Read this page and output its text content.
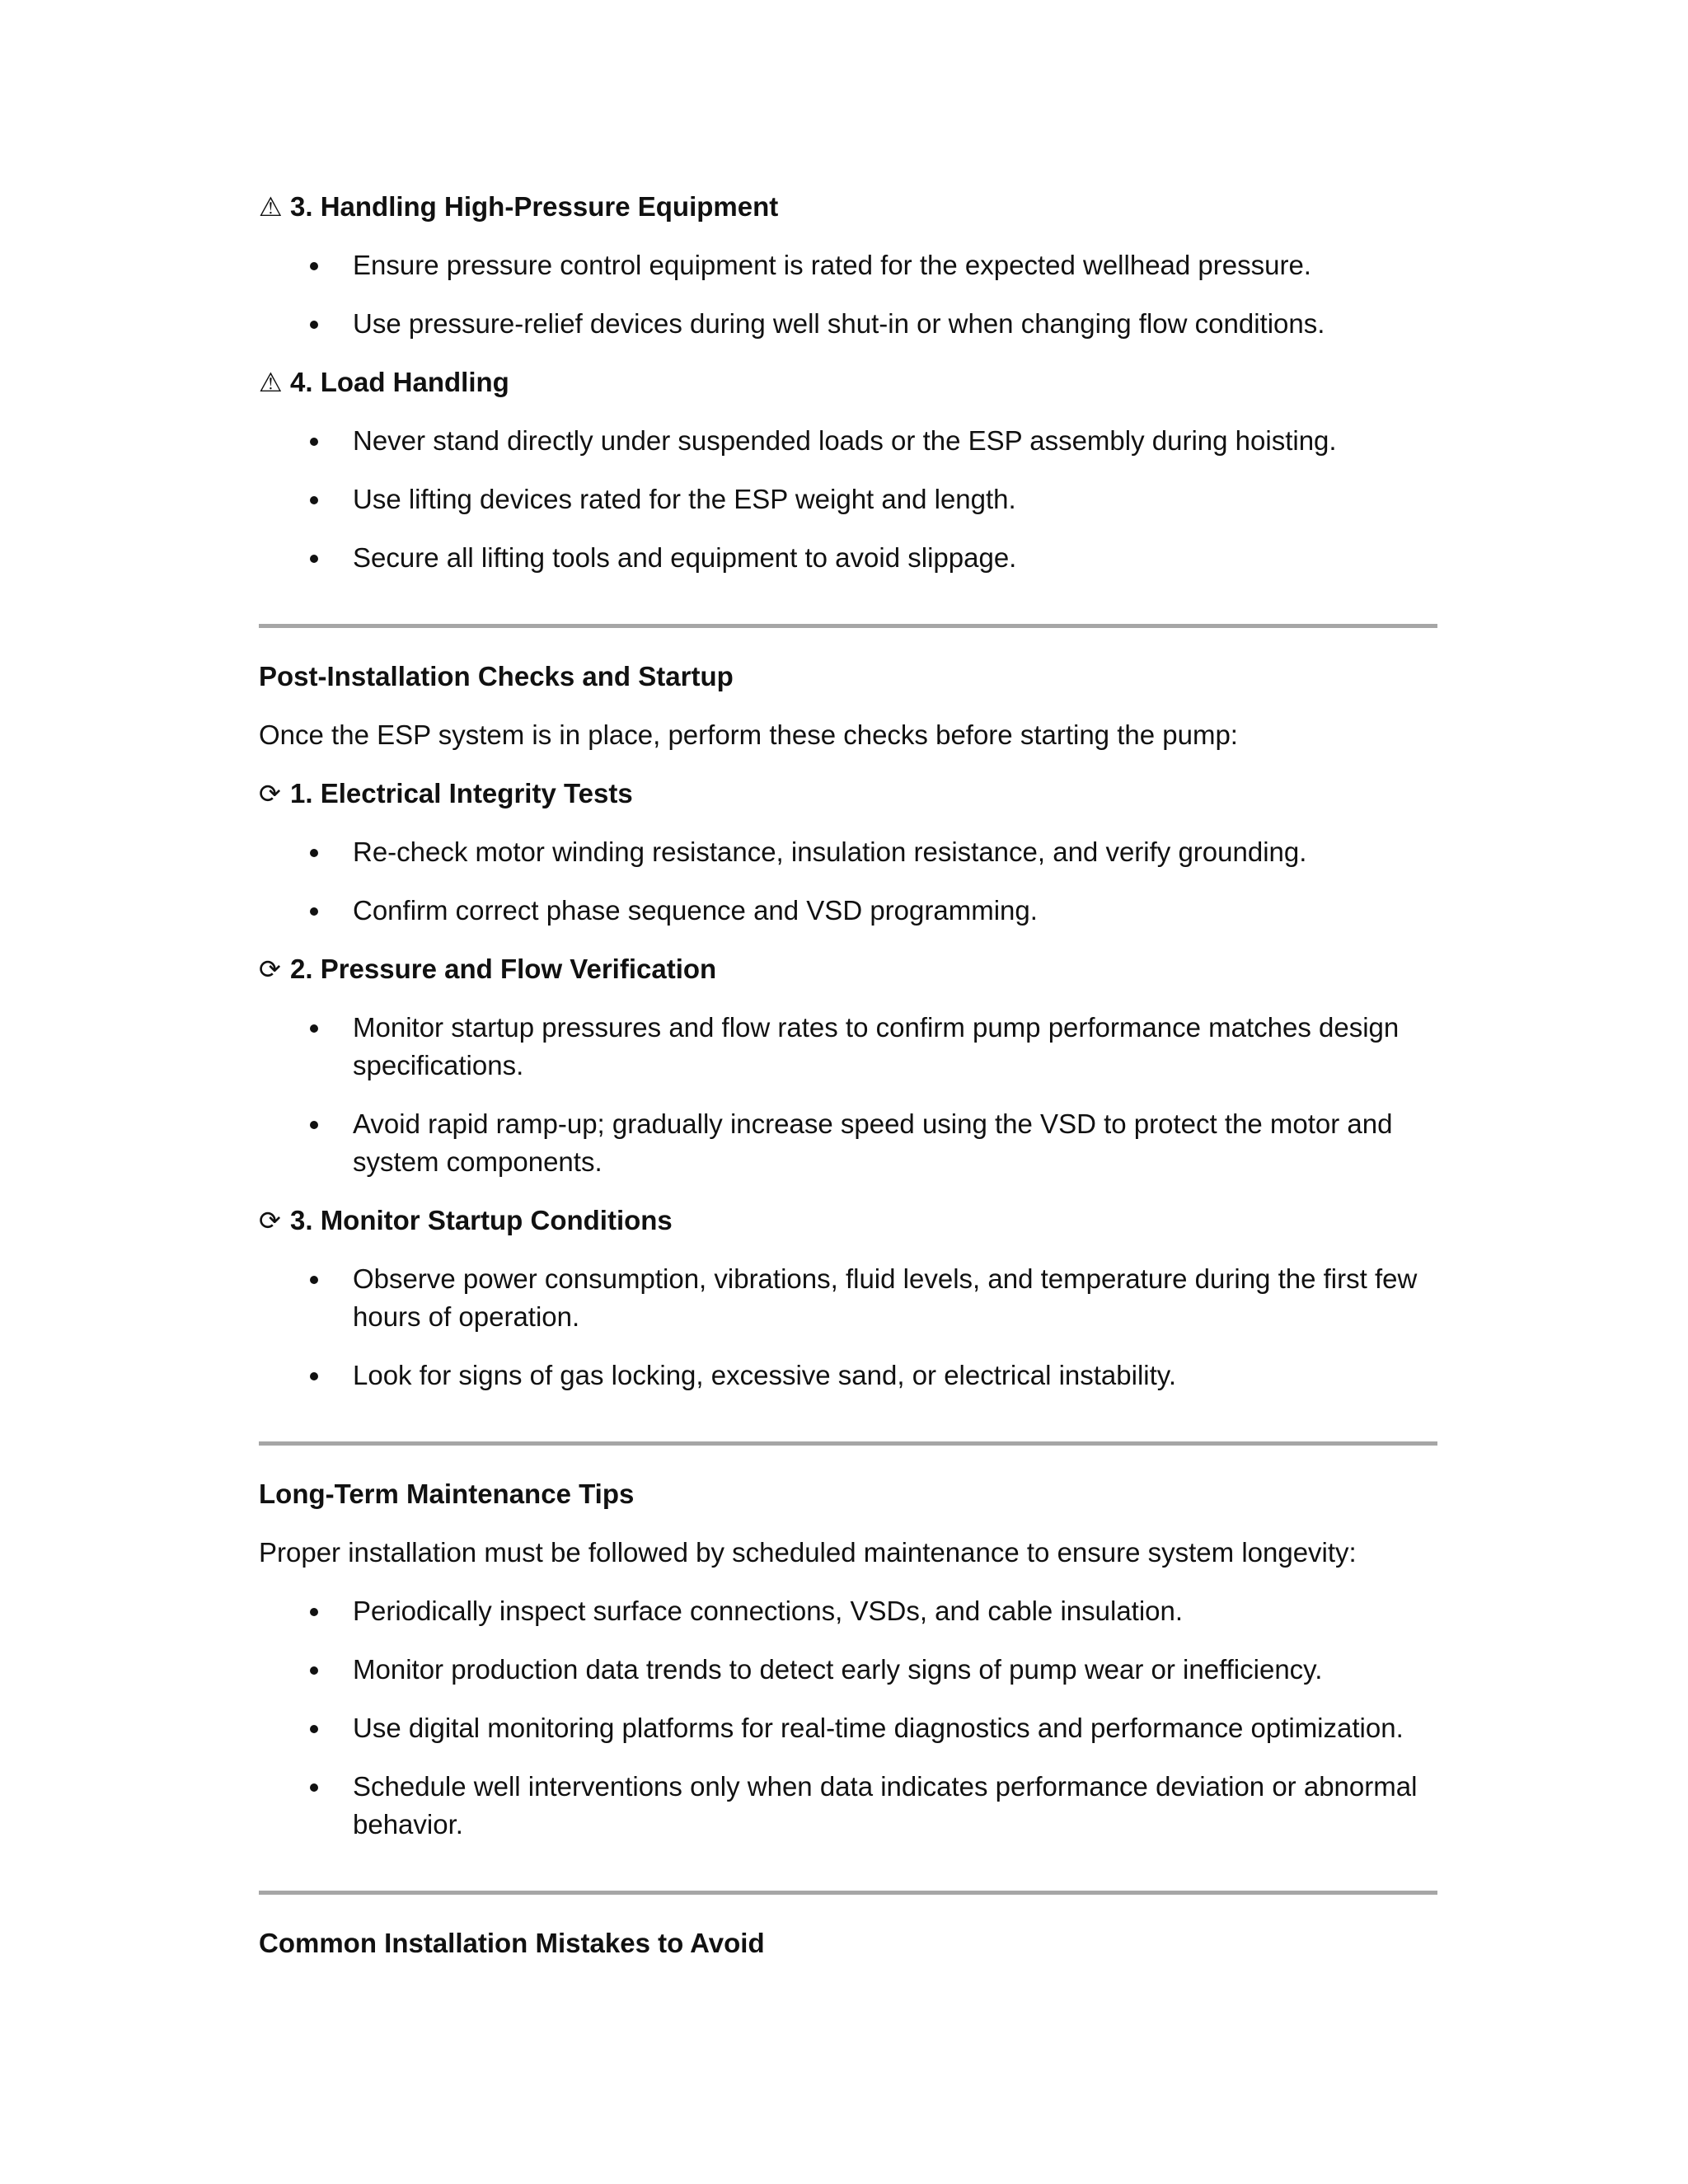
⚠ 3. Handling High-Pressure Equipment
Ensure pressure control equipment is rated for the expected wellhead pressure.
Use pressure-relief devices during well shut-in or when changing flow conditions.
⚠ 4. Load Handling
Never stand directly under suspended loads or the ESP assembly during hoisting.
Use lifting devices rated for the ESP weight and length.
Secure all lifting tools and equipment to avoid slippage.
Post-Installation Checks and Startup

Once the ESP system is in place, perform these checks before starting the pump:

⟳ 1. Electrical Integrity Tests
Re-check motor winding resistance, insulation resistance, and verify grounding.
Confirm correct phase sequence and VSD programming.
⟳ 2. Pressure and Flow Verification
Monitor startup pressures and flow rates to confirm pump performance matches design specifications.
Avoid rapid ramp-up; gradually increase speed using the VSD to protect the motor and system components.
⟳ 3. Monitor Startup Conditions
Observe power consumption, vibrations, fluid levels, and temperature during the first few hours of operation.
Look for signs of gas locking, excessive sand, or electrical instability.
Long-Term Maintenance Tips

Proper installation must be followed by scheduled maintenance to ensure system longevity:

Periodically inspect surface connections, VSDs, and cable insulation.
Monitor production data trends to detect early signs of pump wear or inefficiency.
Use digital monitoring platforms for real-time diagnostics and performance optimization.
Schedule well interventions only when data indicates performance deviation or abnormal behavior.
Common Installation Mistakes to Avoid
